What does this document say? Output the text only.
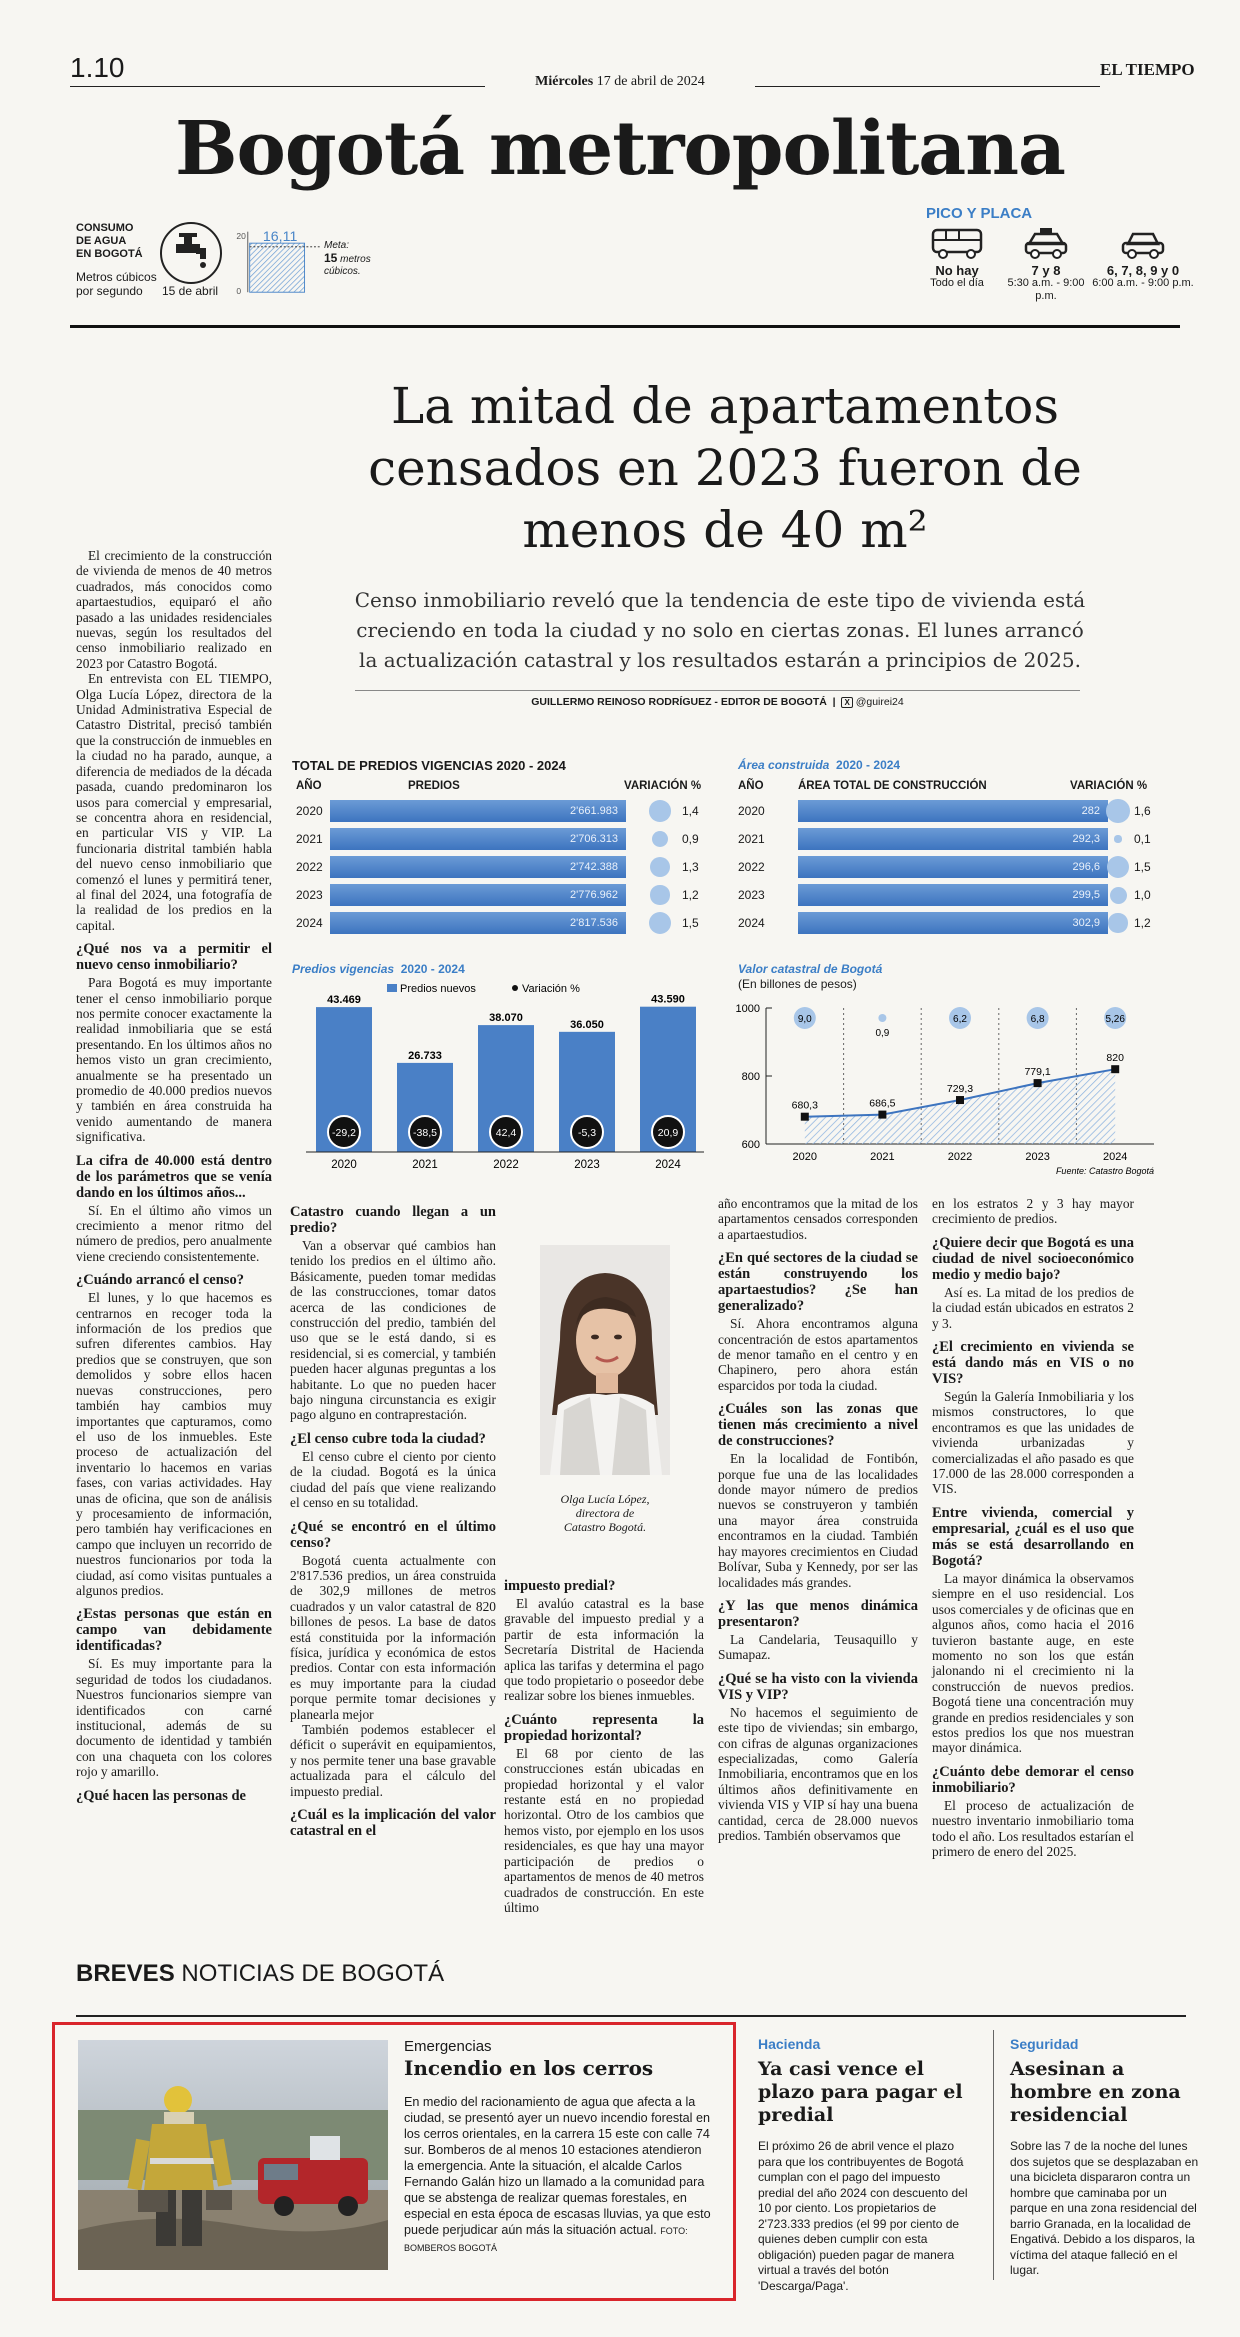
1.10	Miércoles 17 de abril de 2024
EL TIEMPO
Bogotá metropolitana
CONSUMO
DE AGUA
EN BOGOTÁ
Metros cúbicos
por segundo	15 de abril
20
0
16,11
Meta:
15 metros
cúbicos.
PICO Y PLACA
No hay
Todo el día
7 y 8
5:30 a.m. - 9:00 p.m.
6, 7, 8, 9 y 0
6:00 a.m. - 9:00 p.m.
La mitad de apartamentos censados en 2023 fueron de menos de 40 m²
Censo inmobiliario reveló que la tendencia de este tipo de vivienda está creciendo en toda la ciudad y no solo en ciertas zonas. El lunes arrancó la actualización catastral y los resultados estarán a principios de 2025.
GUILLERMO REINOSO RODRÍGUEZ - EDITOR DE BOGOTÁ  |  X @guirei24

El crecimiento de la construcción de vivienda de menos de 40 metros cuadrados, más conocidos como apartaestudios, equiparó el año pasado a las unidades residenciales nuevas, según los resultados del censo inmobiliario realizado en 2023 por Catastro Bogotá.

En entrevista con EL TIEMPO, Olga Lucía López, directora de la Unidad Administrativa Especial de Catastro Distrital, precisó también que la construcción de inmuebles en la ciudad no ha parado, aunque, a diferencia de mediados de la década pasada, cuando predominaron los usos para comercial y empresarial, se concentra ahora en residencial, en particular VIS y VIP. La funcionaria distrital también habla del nuevo censo inmobiliario que comenzó el lunes y permitirá tener, al final del 2024, una fotografía de la realidad de los predios en la capital.

¿Qué nos va a permitir el nuevo censo inmobiliario?

Para Bogotá es muy importante tener el censo inmobiliario porque nos permite conocer exactamente la realidad inmobiliaria que se está presentando. En los últimos años no hemos visto un gran crecimiento, anualmente se ha presentado un promedio de 40.000 predios nuevos y también en área construida ha venido aumentando de manera significativa.

La cifra de 40.000 está dentro de los parámetros que se venía dando en los últimos años...

Sí. En el último año vimos un crecimiento a menor ritmo del número de predios, pero anualmente viene creciendo consistentemente.

¿Cuándo arrancó el censo?

El lunes, y lo que hacemos es centrarnos en recoger toda la información de los predios que sufren diferentes cambios. Hay predios que se construyen, que son demolidos y sobre ellos hacen nuevas construcciones, pero también hay cambios muy importantes que capturamos, como el uso de los inmuebles. Este proceso de actualización del inventario lo hacemos en varias fases, con varias actividades. Hay unas de oficina, que son de análisis y procesamiento de información, pero también hay verificaciones en campo que incluyen un recorrido de nuestros funcionarios por toda la ciudad, así como visitas puntuales a algunos predios.

¿Estas personas que están en campo van debidamente identificadas?

Sí. Es muy importante para la seguridad de todos los ciudadanos. Nuestros funcionarios siempre van identificados con carné institucional, además de su documento de identidad y también con una chaqueta con los colores rojo y amarillo.

¿Qué hacen las personas de
Catastro cuando llegan a un predio?

Van a observar qué cambios han tenido los predios en el último año. Básicamente, pueden tomar medidas de las construcciones, tomar datos acerca de las condiciones de construcción del predio, también del uso que se le está dando, si es residencial, si es comercial, y también pueden hacer algunas preguntas a los habitante. Lo que no pueden hacer bajo ninguna circunstancia es exigir pago alguno en contraprestación.

¿El censo cubre toda la ciudad?

El censo cubre el ciento por ciento de la ciudad. Bogotá es la única ciudad del país que viene realizando el censo en su totalidad.

¿Qué se encontró en el último censo?

Bogotá cuenta actualmente con 2'817.536 predios, un área construida de 302,9 millones de metros cuadrados y un valor catastral de 820 billones de pesos. La base de datos está constituida por la información física, jurídica y económica de estos predios. Contar con esta información es muy importante para la ciudad porque permite tomar decisiones y planearla mejor

También podemos establecer el déficit o superávit en equipamientos, y nos permite tener una base gravable actualizada para el cálculo del impuesto predial.

¿Cuál es la implicación del valor catastral en el
impuesto predial?

El avalúo catastral es la base gravable del impuesto predial y a partir de esta información la Secretaría Distrital de Hacienda aplica las tarifas y determina el pago que todo propietario o poseedor debe realizar sobre los bienes inmuebles.

¿Cuánto representa la propiedad horizontal?

El 68 por ciento de las construcciones están ubicadas en propiedad horizontal y el valor restante está en no propiedad horizontal. Otro de los cambios que hemos visto, por ejemplo en los usos residenciales, es que hay una mayor participación de predios o apartamentos de menos de 40 metros cuadrados de construcción. En este último

año encontramos que la mitad de los apartamentos censados corresponden a apartaestudios.

¿En qué sectores de la ciudad se están construyendo los apartaestudios? ¿Se han generalizado?

Sí. Ahora encontramos alguna concentración de estos apartamentos de menor tamaño en el centro y en Chapinero, pero ahora están esparcidos por toda la ciudad.

¿Cuáles son las zonas que tienen más crecimiento a nivel de construcciones?

En la localidad de Fontibón, porque fue una de las localidades donde mayor número de predios nuevos se construyeron y también una mayor área construida encontramos en la ciudad. También hay mayores crecimientos en Ciudad Bolívar, Suba y Kennedy, por ser las localidades más grandes.

¿Y las que menos dinámica presentaron?

La Candelaria, Teusaquillo y Sumapaz.

¿Qué se ha visto con la vivienda VIS y VIP?

No hacemos el seguimiento de este tipo de viviendas; sin embargo, con cifras de algunas organizaciones especializadas, como Galería Inmobiliaria, encontramos que en los últimos años definitivamente en vivienda VIS y VIP sí hay una buena cantidad, cerca de 28.000 nuevos predios. También observamos que

en los estratos 2 y 3 hay mayor crecimiento de predios.

¿Quiere decir que Bogotá es una ciudad de nivel socioeconómico medio y medio bajo?

Así es. La mitad de los predios de la ciudad están ubicados en estratos 2 y 3.

¿El crecimiento en vivienda se está dando más en VIS o no VIS?

Según la Galería Inmobiliaria y los mismos constructores, lo que encontramos es que las unidades de vivienda urbanizadas y comercializadas el año pasado es que 17.000 de las 28.000 corresponden a VIS.

Entre vivienda, comercial y empresarial, ¿cuál es el uso que más se está desarrollando en Bogotá?

La mayor dinámica la observamos siempre en el uso residencial. Los usos comerciales y de oficinas que en algunos años, como hacia el 2016 tuvieron bastante auge, en este momento no son los que están jalonando ni el crecimiento ni la construcción de nuevos predios. Bogotá tiene una concentración muy grande en predios residenciales y son estos predios los que nos muestran mayor dinámica.

¿Cuánto debe demorar el censo inmobiliario?

El proceso de actualización de nuestro inventario inmobiliario toma todo el año. Los resultados estarían el primero de enero del 2025.

TOTAL DE PREDIOS VIGENCIAS 2020 - 2024
AÑO	PREDIOS	VARIACIÓN %
2020	2'661.983	1,4
2021	2'706.313	0,9
2022	2'742.388	1,3
2023	2'776.962	1,2
2024	2'817.536	1,5
Área construida 2020 - 2024
AÑO	ÁREA TOTAL DE CONSTRUCCIÓN	VARIACIÓN %
2020	282	1,6
2021	292,3	0,1
2022	296,6	1,5
2023	299,5	1,0
2024	302,9	1,2
Predios vigencias 2020 - 2024
Predios nuevos	Variación %
43.469
-29,2
2020
26.733
-38,5
2021
38.070
42,4
2022
36.050
-5,3
2023
43.590
20,9
2024
Valor catastral de Bogotá
(En billones de pesos)
1000
800
600
680,3
9,0
2020
686,5
0,9
2021
729,3
6,2
2022
779,1
6,8
2023
820
5,26
2024
Fuente: Catastro Bogotá
Olga Lucía López,
directora de
Catastro Bogotá.
BREVES NOTICIAS DE BOGOTÁ
Emergencias
Incendio en los cerros
En medio del racionamiento de agua que afecta a la ciudad, se presentó ayer un nuevo incendio forestal en los cerros orientales, en la carrera 15 este con calle 74 sur. Bomberos de al menos 10 estaciones atendieron la emergencia. Ante la situación, el alcalde Carlos Fernando Galán hizo un llamado a la comunidad para que se abstenga de realizar quemas forestales, en especial en esta época de escasas lluvias, ya que esto puede perjudicar aún más la situación actual. FOTO: BOMBEROS BOGOTÁ
Hacienda
Ya casi vence el plazo para pagar el predial
El próximo 26 de abril vence el plazo para que los contribuyentes de Bogotá cumplan con el pago del impuesto predial del año 2024 con descuento del 10 por ciento. Los propietarios de 2'723.333 predios (el 99 por ciento de quienes deben cumplir con esta obligación) pueden pagar de manera virtual a través del botón 'Descarga/Paga'.
Seguridad
Asesinan a hombre en zona residencial
Sobre las 7 de la noche del lunes dos sujetos que se desplazaban en una bicicleta dispararon contra un hombre que caminaba por un parque en una zona residencial del barrio Granada, en la localidad de Engativá. Debido a los disparos, la víctima del ataque falleció en el lugar.
